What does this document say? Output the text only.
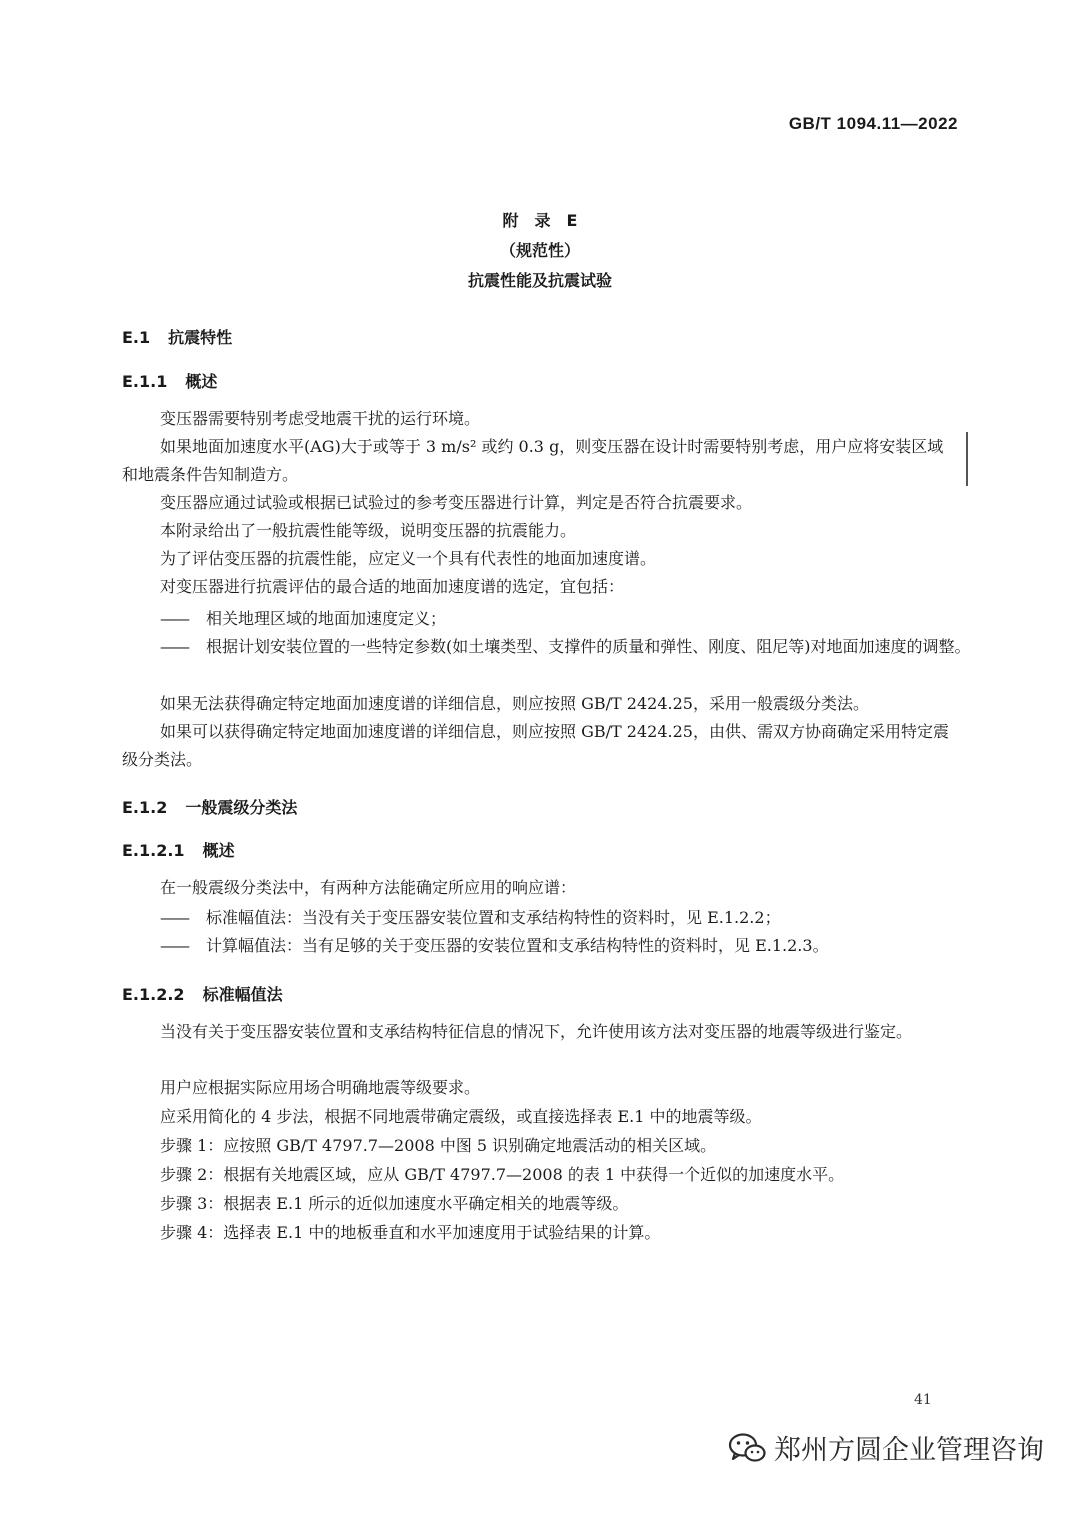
GB/T 1094.11—2022
附　录　E
（规范性）
抗震性能及抗震试验
E.1 抗震特性
E.1.1 概述
变压器需要特别考虑受地震干扰的运行环境。
如果地面加速度水平(AG)大于或等于 3 m/s² 或约 0.3 g，则变压器在设计时需要特别考虑，用户应将安装区域和地震条件告知制造方。
变压器应通过试验或根据已试验过的参考变压器进行计算，判定是否符合抗震要求。
本附录给出了一般抗震性能等级，说明变压器的抗震能力。
为了评估变压器的抗震性能，应定义一个具有代表性的地面加速度谱。
对变压器进行抗震评估的最合适的地面加速度谱的选定，宜包括：
—— 相关地理区域的地面加速度定义；
—— 根据计划安装位置的一些特定参数(如土壤类型、支撑件的质量和弹性、刚度、阻尼等)对地面加速度的调整。
如果无法获得确定特定地面加速度谱的详细信息，则应按照 GB/T 2424.25，采用一般震级分类法。
如果可以获得确定特定地面加速度谱的详细信息，则应按照 GB/T 2424.25，由供、需双方协商确定采用特定震级分类法。
E.1.2 一般震级分类法
E.1.2.1 概述
在一般震级分类法中，有两种方法能确定所应用的响应谱：
—— 标准幅值法：当没有关于变压器安装位置和支承结构特性的资料时，见 E.1.2.2；
—— 计算幅值法：当有足够的关于变压器的安装位置和支承结构特性的资料时，见 E.1.2.3。
E.1.2.2 标准幅值法
当没有关于变压器安装位置和支承结构特征信息的情况下，允许使用该方法对变压器的地震等级进行鉴定。
用户应根据实际应用场合明确地震等级要求。
应采用简化的 4 步法，根据不同地震带确定震级，或直接选择表 E.1 中的地震等级。
步骤 1：应按照 GB/T 4797.7—2008 中图 5 识别确定地震活动的相关区域。
步骤 2：根据有关地震区域，应从 GB/T 4797.7—2008 的表 1 中获得一个近似的加速度水平。
步骤 3：根据表 E.1 所示的近似加速度水平确定相关的地震等级。
步骤 4：选择表 E.1 中的地板垂直和水平加速度用于试验结果的计算。
41
郑州方圆企业管理咨询
